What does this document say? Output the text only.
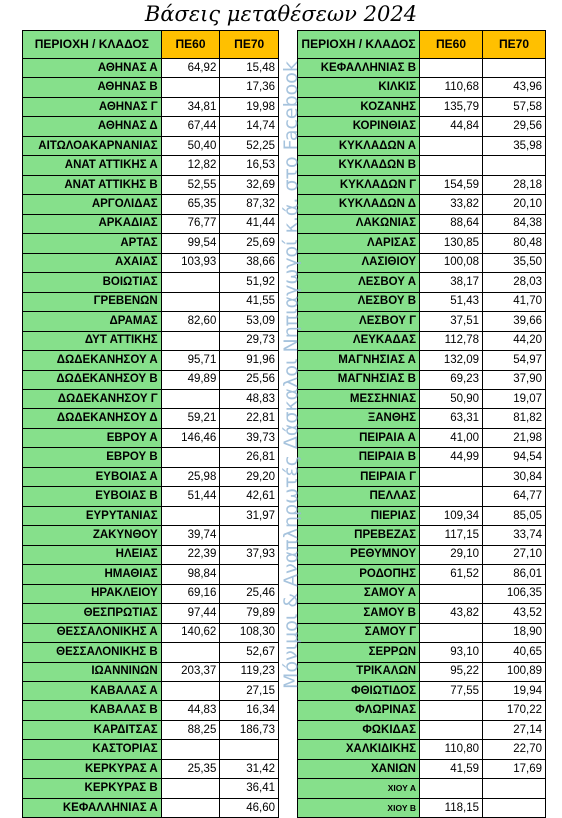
Βάσεις μεταθέσεων 2024
ΠΕΡΙΟΧΗ / ΚΛΑΔΟΣ	ΠΕ60	ΠΕ70
ΑΘΗΝΑΣ Α	64,92	15,48
ΑΘΗΝΑΣ Β		17,36
ΑΘΗΝΑΣ Γ	34,81	19,98
ΑΘΗΝΑΣ Δ	67,44	14,74
ΑΙΤΩΛΟΑΚΑΡΝΑΝΙΑΣ	50,40	52,25
ΑΝΑΤ ΑΤΤΙΚΗΣ Α	12,82	16,53
ΑΝΑΤ ΑΤΤΙΚΗΣ Β	52,55	32,69
ΑΡΓΟΛΙΔΑΣ	65,35	87,32
ΑΡΚΑΔΙΑΣ	76,77	41,44
ΑΡΤΑΣ	99,54	25,69
ΑΧΑΙΑΣ	103,93	38,66
ΒΟΙΩΤΙΑΣ		51,92
ΓΡΕΒΕΝΩΝ		41,55
ΔΡΑΜΑΣ	82,60	53,09
ΔΥΤ ΑΤΤΙΚΗΣ		29,73
ΔΩΔΕΚΑΝΗΣΟΥ Α	95,71	91,96
ΔΩΔΕΚΑΝΗΣΟΥ Β	49,89	25,56
ΔΩΔΕΚΑΝΗΣΟΥ Γ		48,83
ΔΩΔΕΚΑΝΗΣΟΥ Δ	59,21	22,81
ΕΒΡΟΥ Α	146,46	39,73
ΕΒΡΟΥ Β		26,81
ΕΥΒΟΙΑΣ Α	25,98	29,20
ΕΥΒΟΙΑΣ Β	51,44	42,61
ΕΥΡΥΤΑΝΙΑΣ		31,97
ΖΑΚΥΝΘΟΥ	39,74	
ΗΛΕΙΑΣ	22,39	37,93
ΗΜΑΘΙΑΣ	98,84	
ΗΡΑΚΛΕΙΟΥ	69,16	25,46
ΘΕΣΠΡΩΤΙΑΣ	97,44	79,89
ΘΕΣΣΑΛΟΝΙΚΗΣ Α	140,62	108,30
ΘΕΣΣΑΛΟΝΙΚΗΣ Β		52,67
ΙΩΑΝΝΙΝΩΝ	203,37	119,23
ΚΑΒΑΛΑΣ Α		27,15
ΚΑΒΑΛΑΣ Β	44,83	16,34
ΚΑΡΔΙΤΣΑΣ	88,25	186,73
ΚΑΣΤΟΡΙΑΣ		
ΚΕΡΚΥΡΑΣ Α	25,35	31,42
ΚΕΡΚΥΡΑΣ Β		36,41
ΚΕΦΑΛΛΗΝΙΑΣ Α		46,60
ΠΕΡΙΟΧΗ / ΚΛΑΔΟΣ	ΠΕ60	ΠΕ70
ΚΕΦΑΛΛΗΝΙΑΣ Β		
ΚΙΛΚΙΣ	110,68	43,96
ΚΟΖΑΝΗΣ	135,79	57,58
ΚΟΡΙΝΘΙΑΣ	44,84	29,56
ΚΥΚΛΑΔΩΝ Α		35,98
ΚΥΚΛΑΔΩΝ Β		
ΚΥΚΛΑΔΩΝ Γ	154,59	28,18
ΚΥΚΛΑΔΩΝ Δ	33,82	20,10
ΛΑΚΩΝΙΑΣ	88,64	84,38
ΛΑΡΙΣΑΣ	130,85	80,48
ΛΑΣΙΘΙΟΥ	100,08	35,50
ΛΕΣΒΟΥ Α	38,17	28,03
ΛΕΣΒΟΥ Β	51,43	41,70
ΛΕΣΒΟΥ Γ	37,51	39,66
ΛΕΥΚΑΔΑΣ	112,78	44,20
ΜΑΓΝΗΣΙΑΣ Α	132,09	54,97
ΜΑΓΝΗΣΙΑΣ Β	69,23	37,90
ΜΕΣΣΗΝΙΑΣ	50,90	19,07
ΞΑΝΘΗΣ	63,31	81,82
ΠΕΙΡΑΙΑ Α	41,00	21,98
ΠΕΙΡΑΙΑ Β	44,99	94,54
ΠΕΙΡΑΙΑ Γ		30,84
ΠΕΛΛΑΣ		64,77
ΠΙΕΡΙΑΣ	109,34	85,05
ΠΡΕΒΕΖΑΣ	117,15	33,74
ΡΕΘΥΜΝΟΥ	29,10	27,10
ΡΟΔΟΠΗΣ	61,52	86,01
ΣΑΜΟΥ Α		106,35
ΣΑΜΟΥ Β	43,82	43,52
ΣΑΜΟΥ Γ		18,90
ΣΕΡΡΩΝ	93,10	40,65
ΤΡΙΚΑΛΩΝ	95,22	100,89
ΦΘΙΩΤΙΔΟΣ	77,55	19,94
ΦΛΩΡΙΝΑΣ		170,22
ΦΩΚΙΔΑΣ		27,14
ΧΑΛΚΙΔΙΚΗΣ	110,80	22,70
ΧΑΝΙΩΝ	41,59	17,69
ΧΙΟΥ Α		
ΧΙΟΥ Β	118,15	
Μόνιμοι & Αναπληρωτές Δάσκαλοι Νηπιαγωγοί κ.ά. στο Facebook
